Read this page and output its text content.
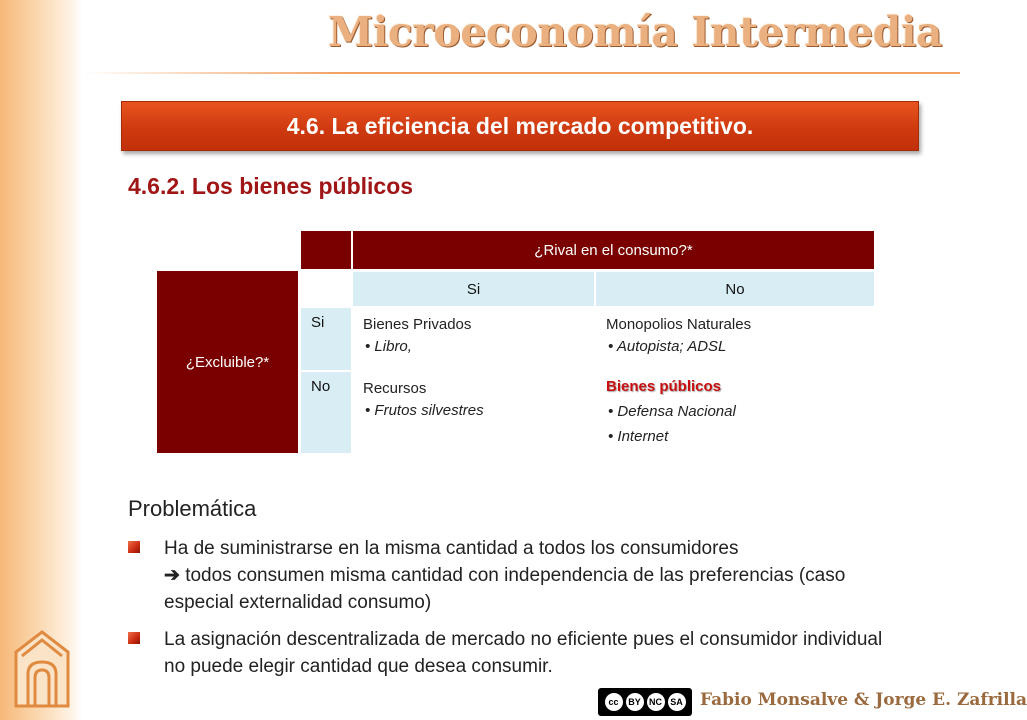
Microeconomía Intermedia
4.6. La eficiencia del mercado competitivo.
4.6.2. Los bienes públicos
¿Rival en el consumo?*
¿Excluible?*
Si	No
Si
No
Bienes Privados
• Libro,
Monopolios Naturales
• Autopista; ADSL
Recursos
• Frutos silvestres
Bienes públicos
• Defensa Nacional
• Internet
Problemática
Ha de suministrarse en la misma cantidad a todos los consumidores
➔ todos consumen misma cantidad con independencia de las preferencias (caso especial externalidad consumo)
La asignación descentralizada de mercado no eficiente pues el consumidor individual no puede elegir cantidad que desea consumir.
cc	BY NC SA Fabio Monsalve & Jorge E. Zafrilla
